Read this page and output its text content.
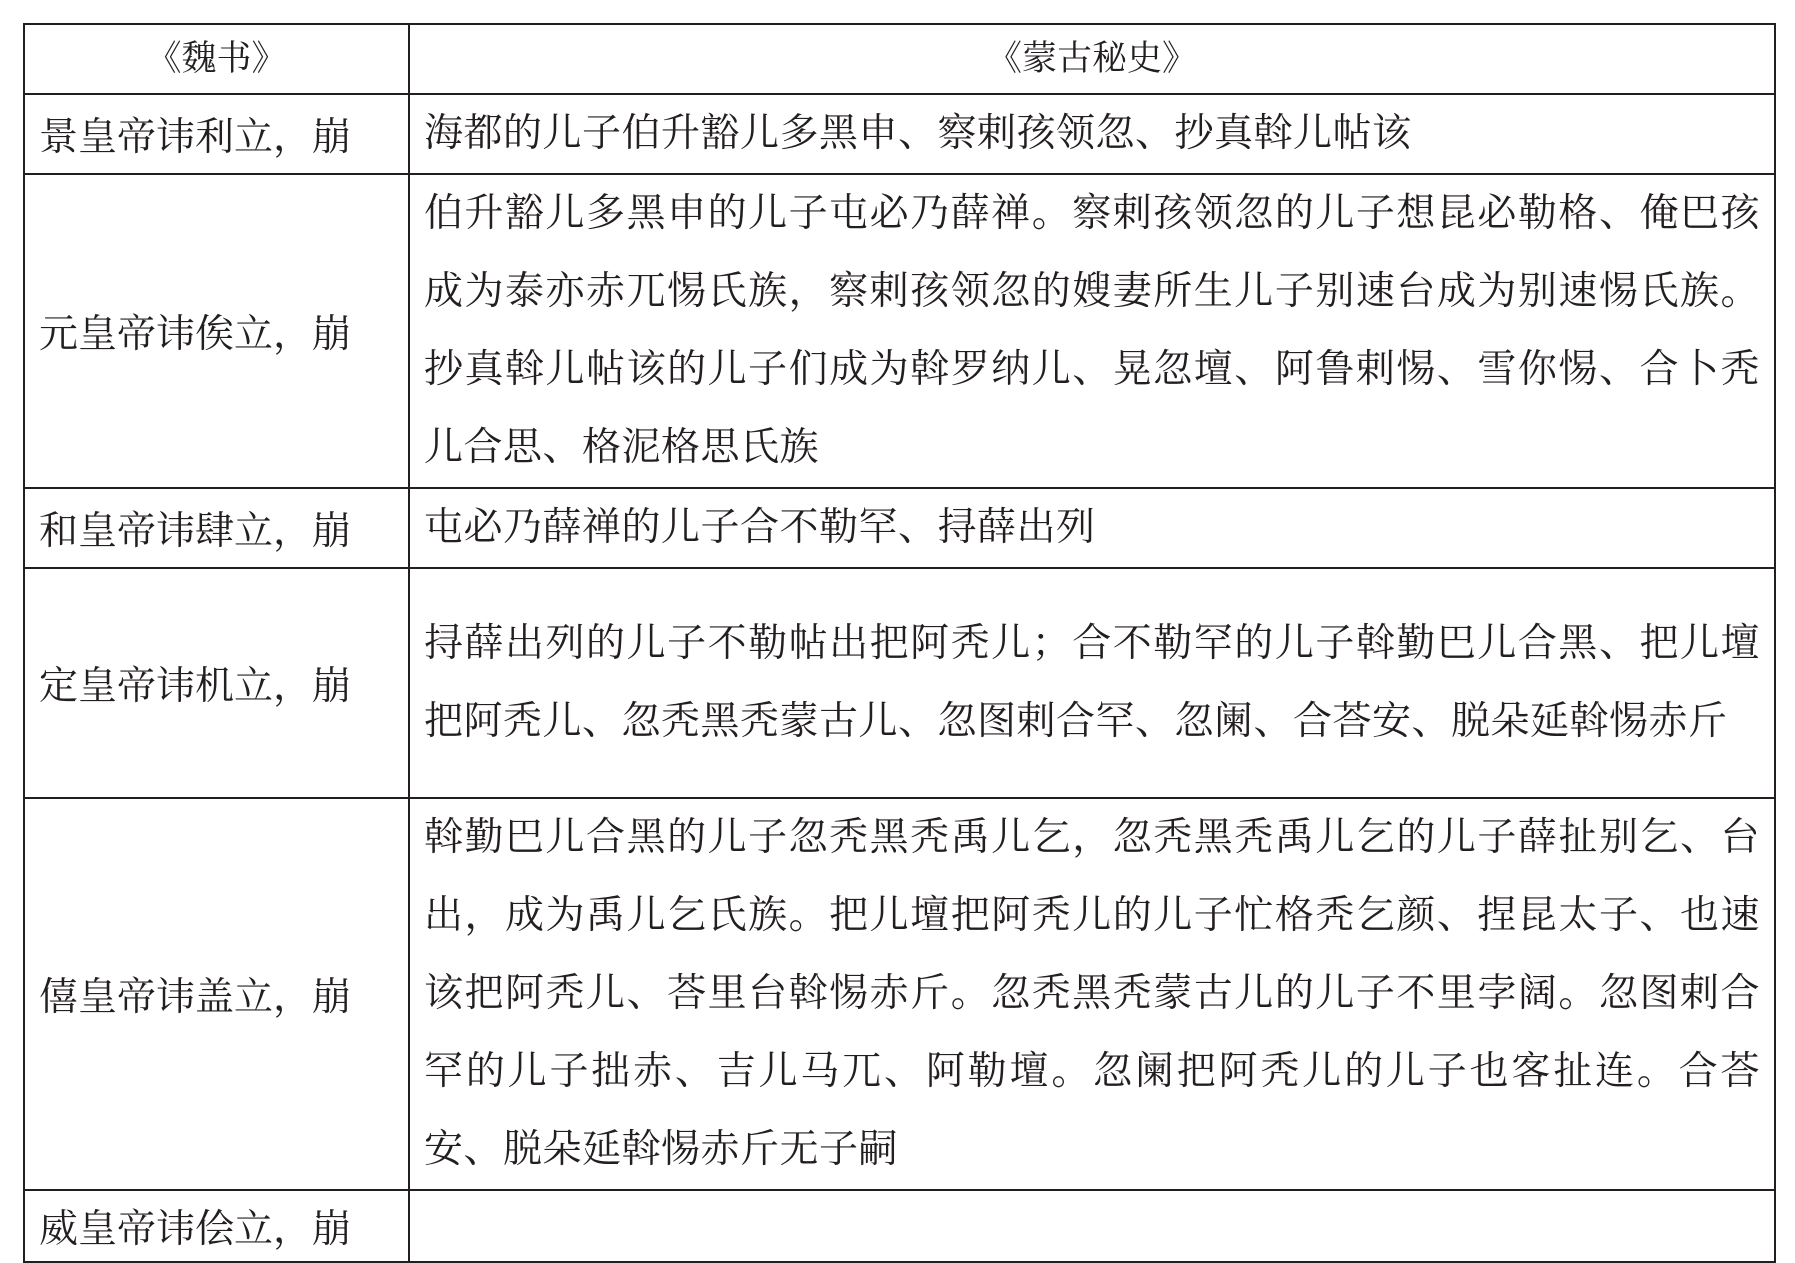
《魏书》	《蒙古秘史》
景皇帝讳利立，崩	海都的儿子伯升豁儿多黑申、察剌孩领忽、抄真斡儿帖该
元皇帝讳俟立，崩	伯升豁儿多黑申的儿子屯必乃薛禅。察剌孩领忽的儿子想昆必勒格、俺巴孩成为泰亦赤兀惕氏族，察剌孩领忽的嫂妻所生儿子别速台成为别速惕氏族。抄真斡儿帖该的儿子们成为斡罗纳儿、晃忽壇、阿鲁剌惕、雪你惕、合卜秃儿合思、格泥格思氏族
和皇帝讳肆立，崩	屯必乃薛禅的儿子合不勒罕、挦薛出列
定皇帝讳机立，崩	挦薛出列的儿子不勒帖出把阿秃儿；合不勒罕的儿子斡勤巴儿合黑、把儿壇把阿秃儿、忽秃黑秃蒙古儿、忽图剌合罕、忽阑、合荅安、脱朵延斡惕赤斤
僖皇帝讳盖立，崩	斡勤巴儿合黑的儿子忽秃黑秃禹儿乞，忽秃黑秃禹儿乞的儿子薛扯别乞、台出，成为禹儿乞氏族。把儿壇把阿秃儿的儿子忙格秃乞颜、捏昆太子、也速该把阿秃儿、荅里台斡惕赤斤。忽秃黑秃蒙古儿的儿子不里孛阔。忽图剌合罕的儿子拙赤、吉儿马兀、阿勒壇。忽阑把阿秃儿的儿子也客扯连。合荅安、脱朵延斡惕赤斤无子嗣
威皇帝讳侩立，崩	
